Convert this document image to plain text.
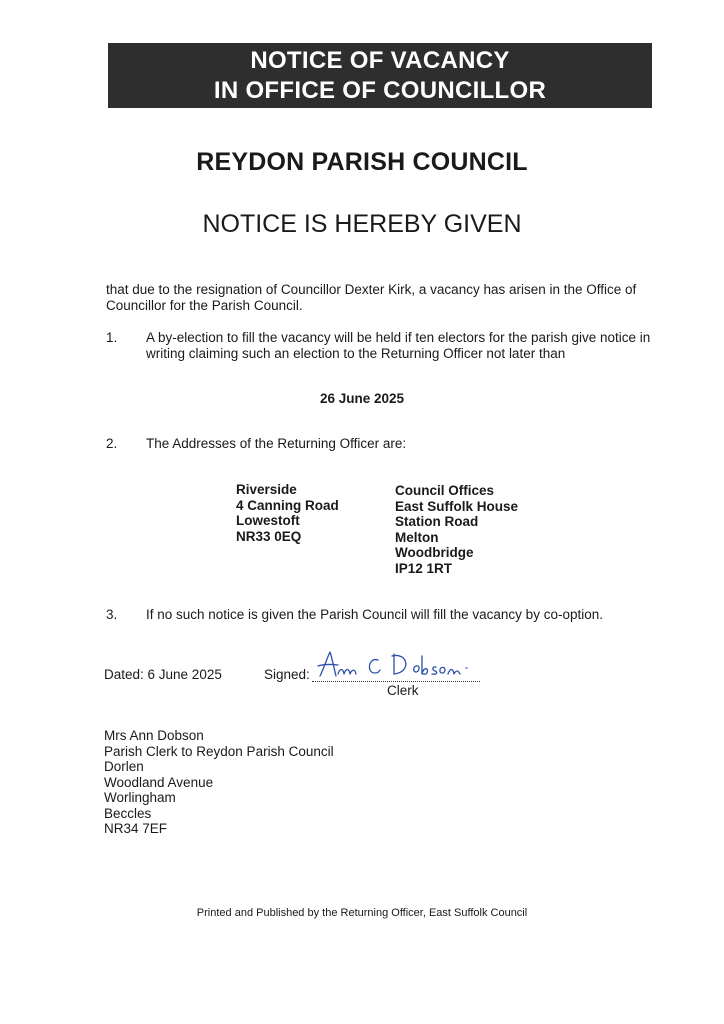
NOTICE OF VACANCY
IN OFFICE OF COUNCILLOR
REYDON PARISH COUNCIL
NOTICE IS HEREBY GIVEN
that due to the resignation of Councillor Dexter Kirk, a vacancy has arisen in the Office of Councillor for the Parish Council.
1. A by-election to fill the vacancy will be held if ten electors for the parish give notice in writing claiming such an election to the Returning Officer not later than
26 June 2025
2. The Addresses of the Returning Officer are:
Riverside
4 Canning Road
Lowestoft
NR33 0EQ
Council Offices
East Suffolk House
Station Road
Melton
Woodbridge
IP12 1RT
3. If no such notice is given the Parish Council will fill the vacancy by co-option.
Dated: 6 June 2025	Signed:
Clerk
Mrs Ann Dobson
Parish Clerk to Reydon Parish Council
Dorlen
Woodland Avenue
Worlingham
Beccles
NR34 7EF
Printed and Published by the Returning Officer, East Suffolk Council
